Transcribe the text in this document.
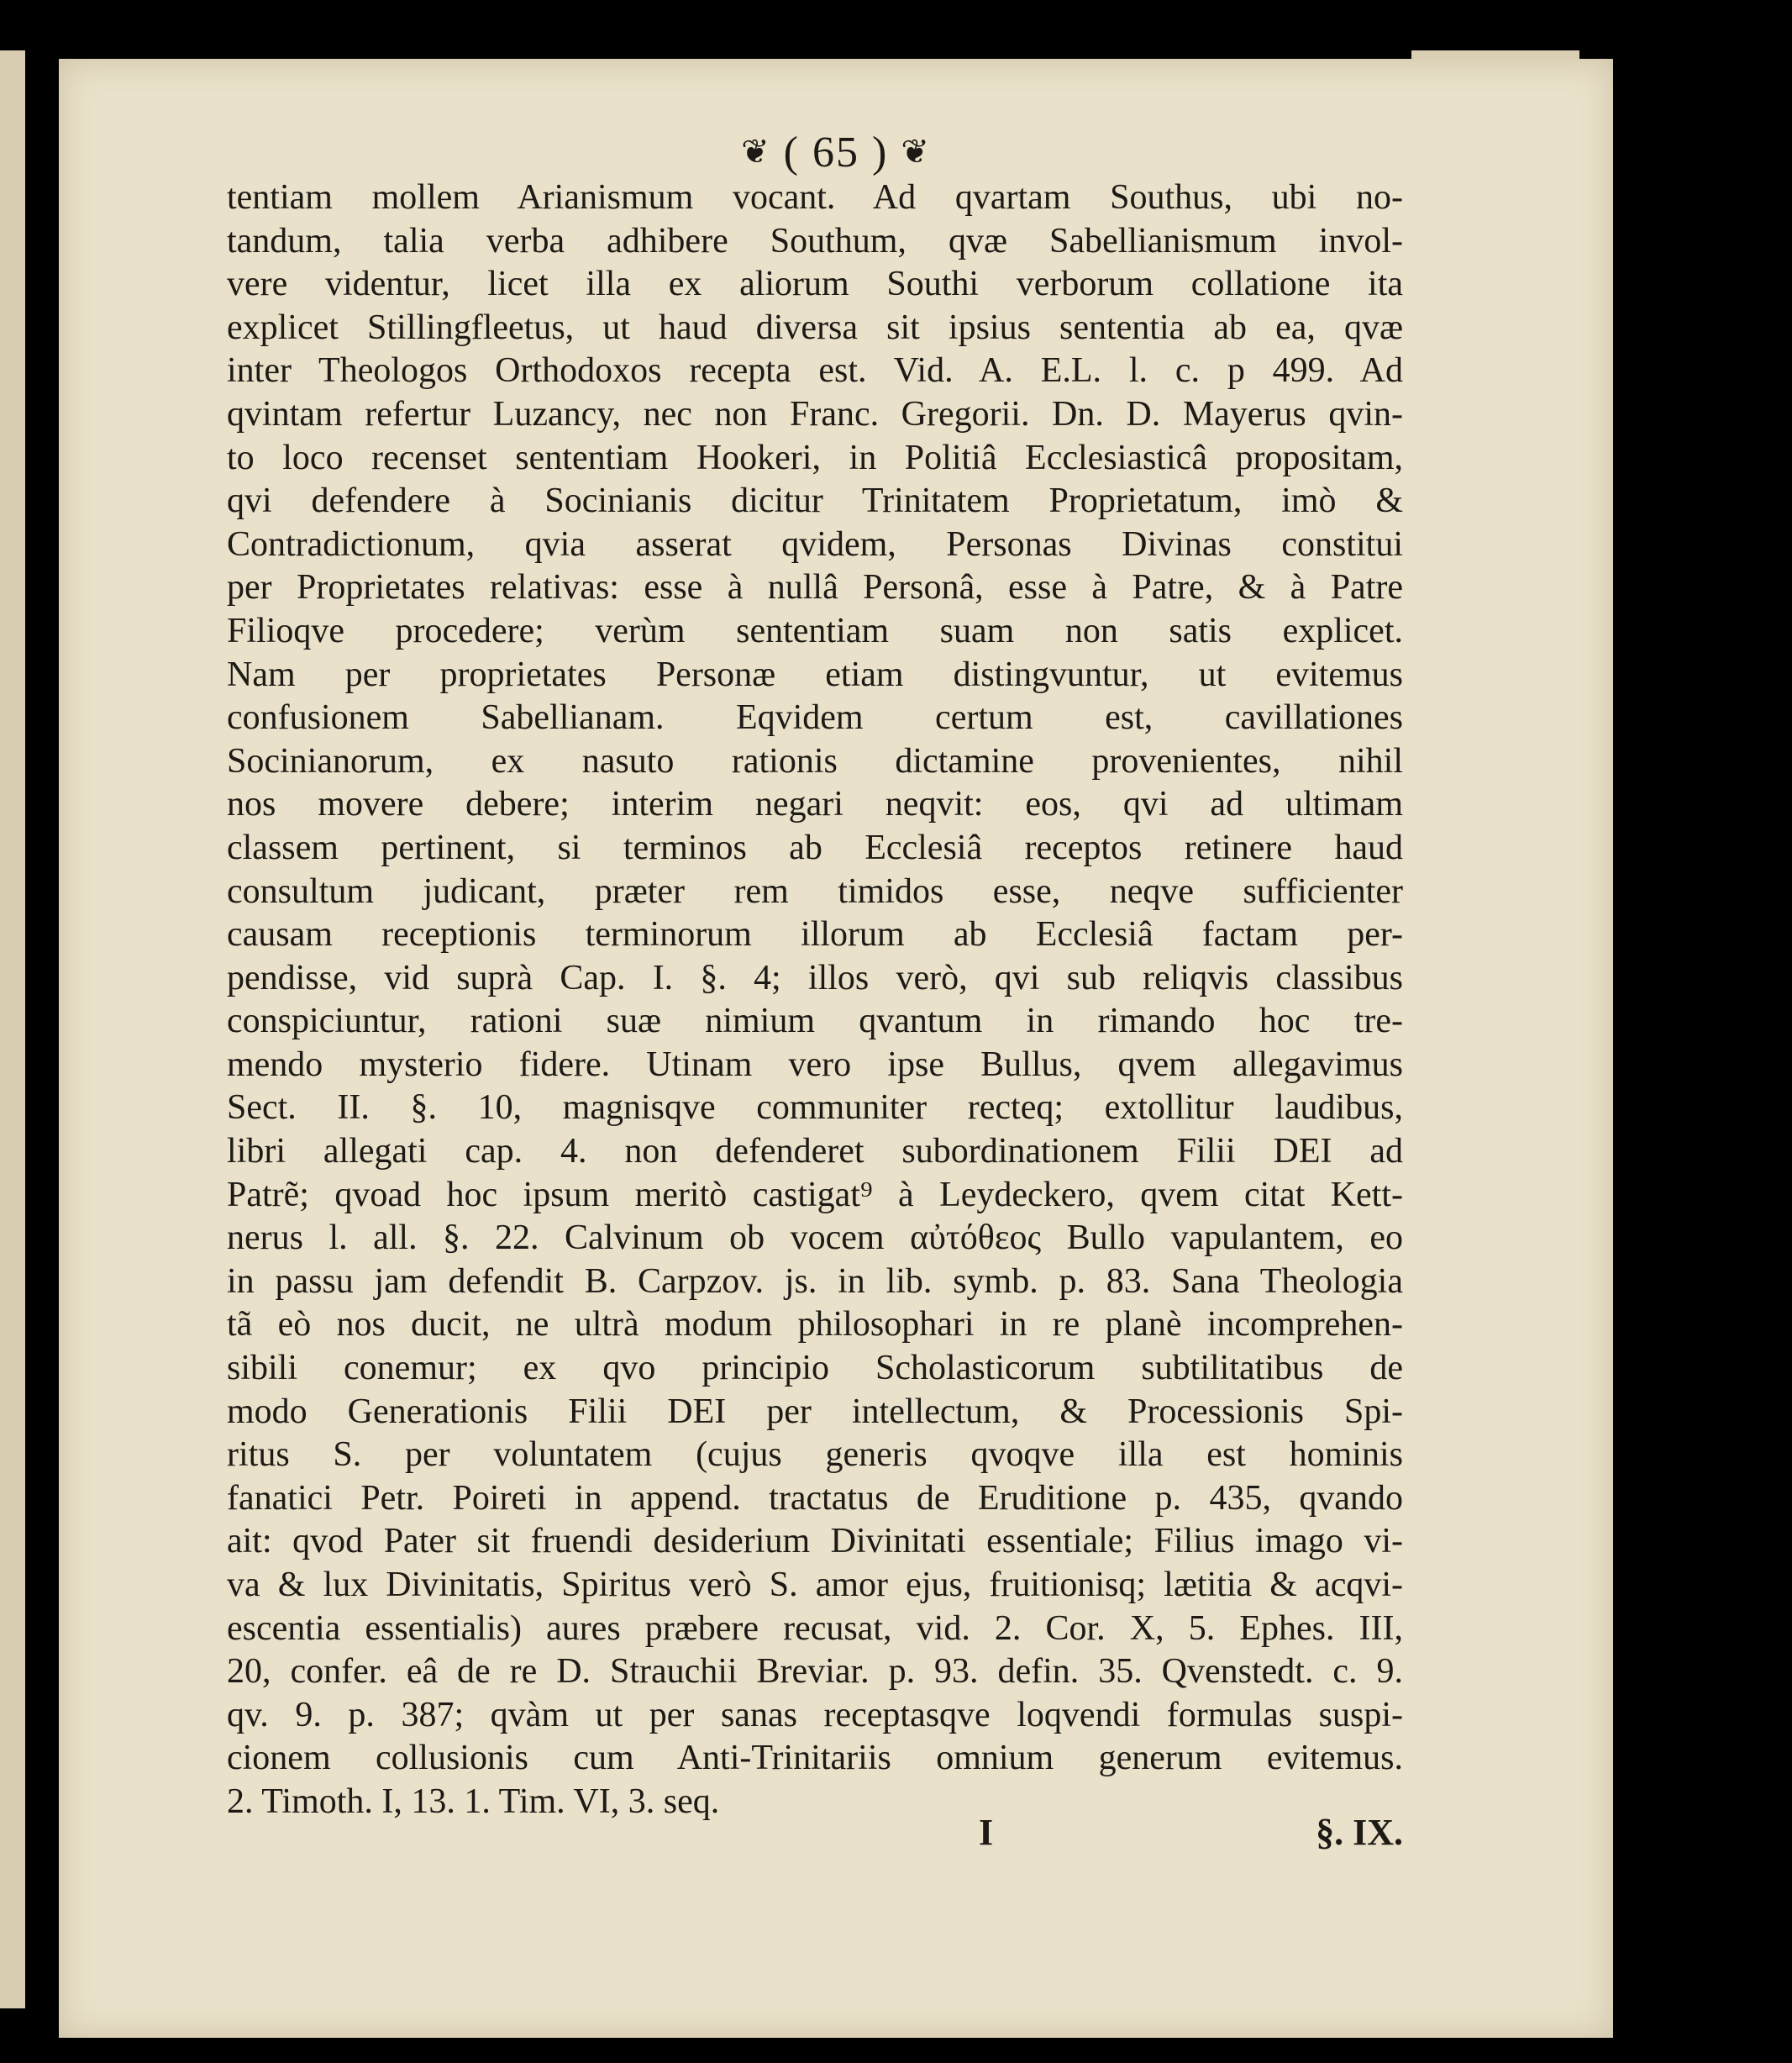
❦ ( 65 ) ❦
tentiam mollem Arianismum vocant. Ad qvartam Southus, ubi no-
tandum, talia verba adhibere Southum, qvæ Sabellianismum invol-
vere videntur, licet illa ex aliorum Southi verborum collatione ita
explicet Stillingfleetus, ut haud diversa sit ipsius sententia ab ea, qvæ
inter Theologos Orthodoxos recepta est. Vid. A. E.L. l. c. p 499. Ad
qvintam refertur Luzancy, nec non Franc. Gregorii. Dn. D. Mayerus qvin-
to loco recenset sententiam Hookeri, in Politiâ Ecclesiasticâ propositam,
qvi defendere à Socinianis dicitur Trinitatem Proprietatum, imò &
Contradictionum, qvia asserat qvidem, Personas Divinas constitui
per Proprietates relativas: esse à nullâ Personâ, esse à Patre, & à Patre
Filioqve procedere; verùm sententiam suam non satis explicet.
Nam per proprietates Personæ etiam distingvuntur, ut evitemus
confusionem Sabellianam. Eqvidem certum est, cavillationes
Socinianorum, ex nasuto rationis dictamine provenientes, nihil
nos movere debere; interim negari neqvit: eos, qvi ad ultimam
classem pertinent, si terminos ab Ecclesiâ receptos retinere haud
consultum judicant, præter rem timidos esse, neqve sufficienter
causam receptionis terminorum illorum ab Ecclesiâ factam per-
pendisse, vid suprà Cap. I. §. 4; illos verò, qvi sub reliqvis classibus
conspiciuntur, rationi suæ nimium qvantum in rimando hoc tre-
mendo mysterio fidere. Utinam vero ipse Bullus, qvem allegavimus
Sect. II. §. 10, magnisqve communiter recteq; extollitur laudibus,
libri allegati cap. 4. non defenderet subordinationem Filii DEI ad
Patrẽ; qvoad hoc ipsum meritò castigat⁹ à Leydeckero, qvem citat Kett-
nerus l. all. §. 22. Calvinum ob vocem αὐτόθεος Bullo vapulantem, eo
in passu jam defendit B. Carpzov. js. in lib. symb. p. 83. Sana Theologia
tã eò nos ducit, ne ultrà modum philosophari in re planè incomprehen-
sibili conemur; ex qvo principio Scholasticorum subtilitatibus de
modo Generationis Filii DEI per intellectum, & Processionis Spi-
ritus S. per voluntatem (cujus generis qvoqve illa est hominis
fanatici Petr. Poireti in append. tractatus de Eruditione p. 435, qvando
ait: qvod Pater sit fruendi desiderium Divinitati essentiale; Filius imago vi-
va & lux Divinitatis, Spiritus verò S. amor ejus, fruitionisq; lætitia & acqvi-
escentia essentialis) aures præbere recusat, vid. 2. Cor. X, 5. Ephes. III,
20, confer. eâ de re D. Strauchii Breviar. p. 93. defin. 35. Qvenstedt. c. 9.
qv. 9. p. 387; qvàm ut per sanas receptasqve loqvendi formulas suspi-
cionem collusionis cum Anti-Trinitariis omnium generum evitemus.
2. Timoth. I, 13. 1. Tim. VI, 3. seq.
I	§. IX.
